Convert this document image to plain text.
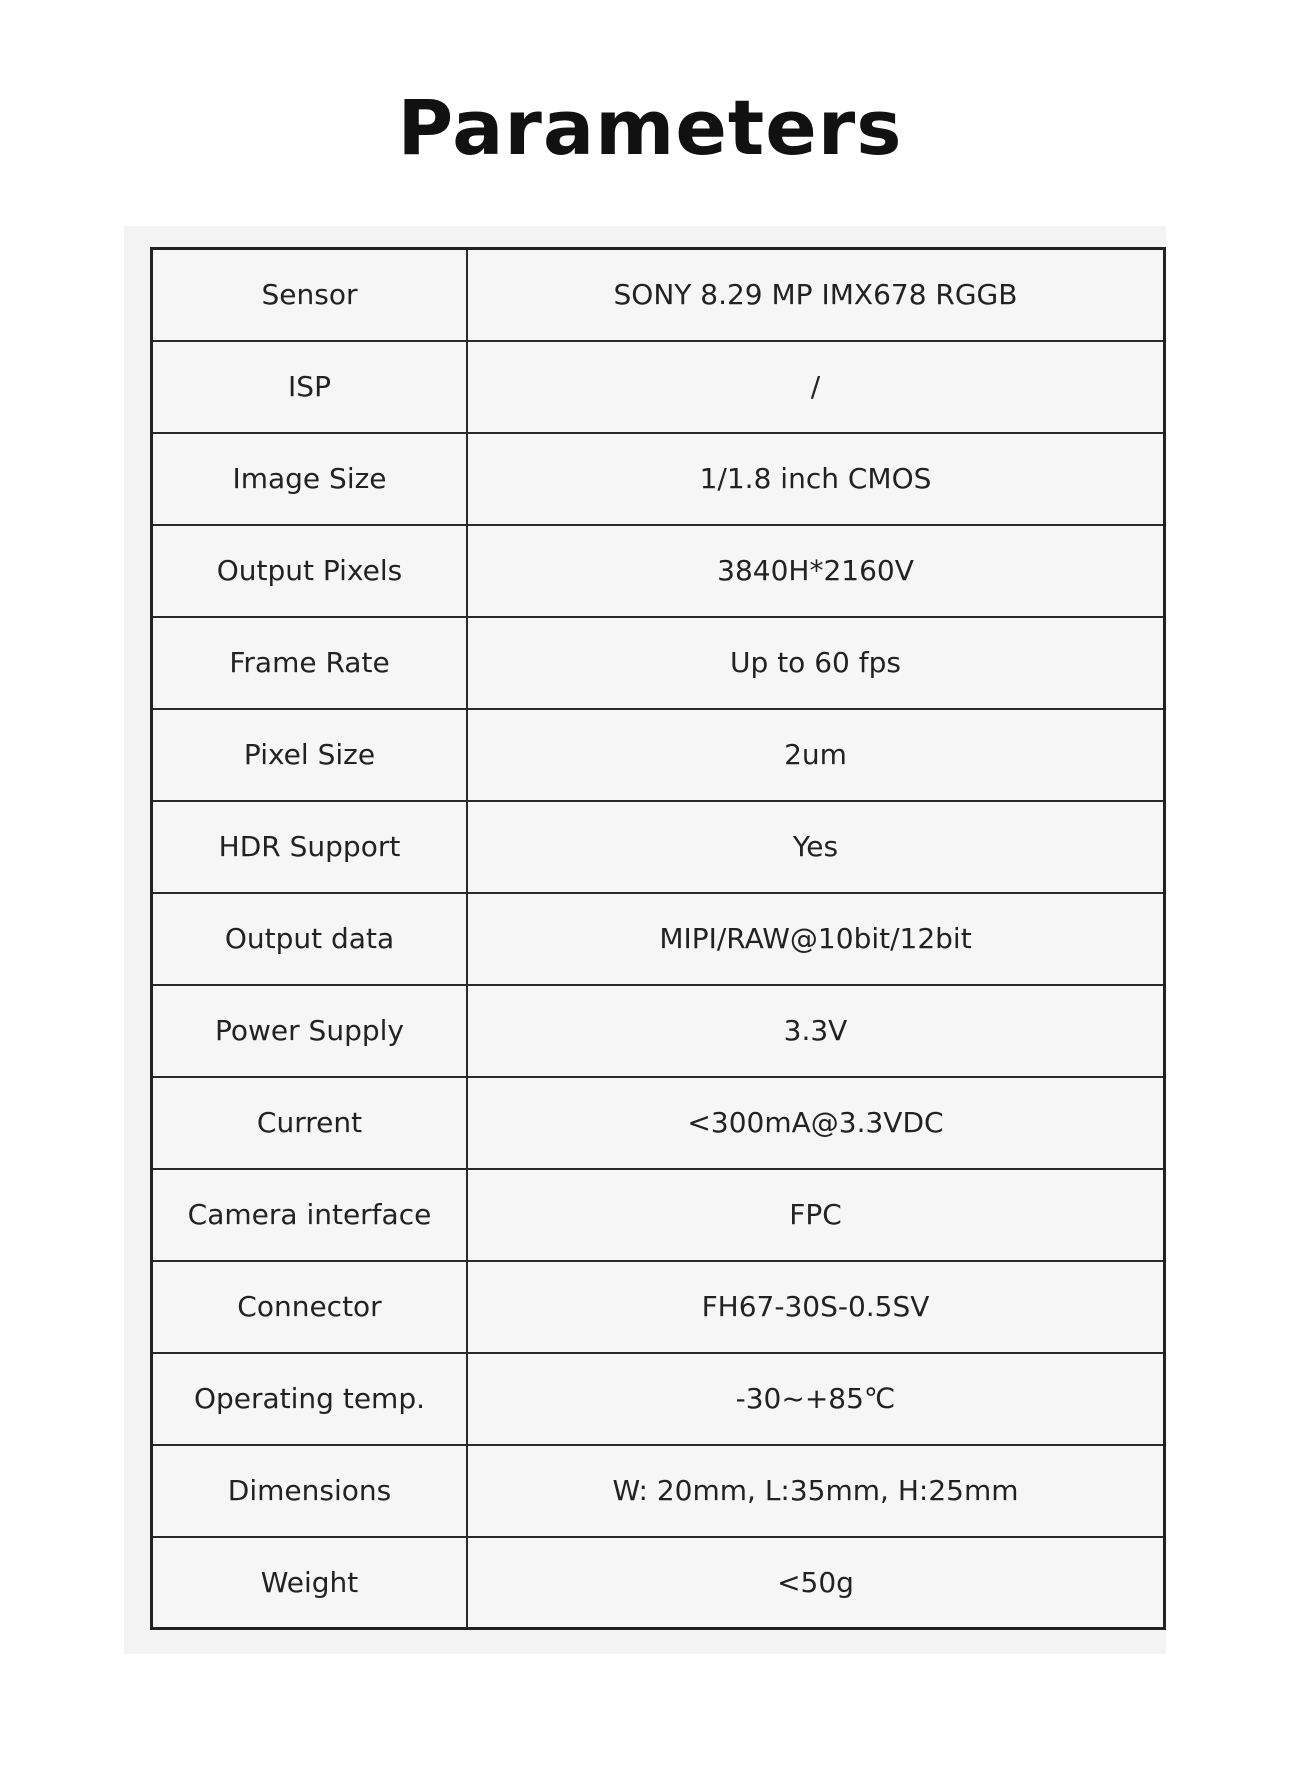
Parameters
Sensor	SONY 8.29 MP IMX678 RGGB
ISP	/
Image Size	1/1.8 inch CMOS
Output Pixels	3840H*2160V
Frame Rate	Up to 60 fps
Pixel Size	2um
HDR Support	Yes
Output data	MIPI/RAW@10bit/12bit
Power Supply	3.3V
Current	<300mA@3.3VDC
Camera interface	FPC
Connector	FH67-30S-0.5SV
Operating temp.	-30~+85℃
Dimensions	W: 20mm, L:35mm, H:25mm
Weight	<50g
